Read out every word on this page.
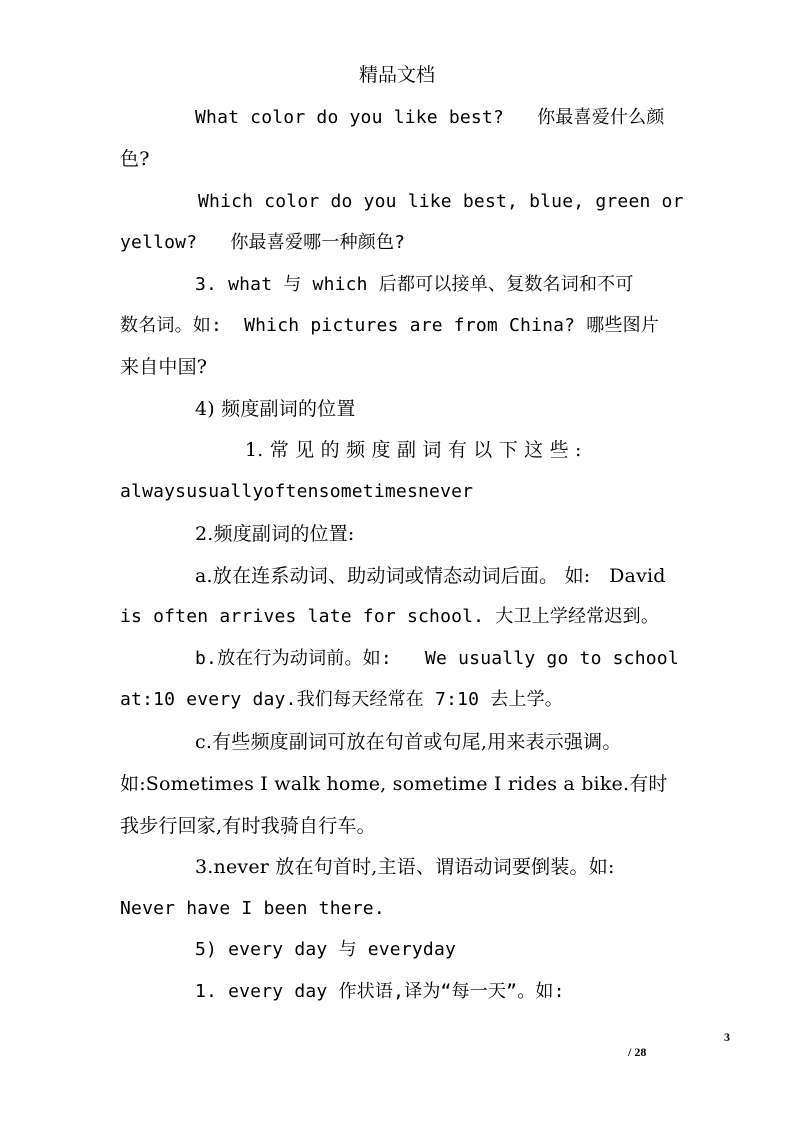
精品文档
What color do you like best?   你最喜爱什么颜
色?
Which color do you like best, blue, green or
yellow?   你最喜爱哪一种颜色?
3. what 与 which 后都可以接单、复数名词和不可
数名词。如:  Which pictures are from China? 哪些图片
来自中国?
4) 频度副词的位置
1. 常 见 的 频 度 副 词 有 以 下 这 些 :
alwaysusuallyoftensometimesnever
2.频度副词的位置:
a.放在连系动词、助动词或情态动词后面。 如:   David
is often arrives late for school. 大卫上学经常迟到。
b.放在行为动词前。如:   We usually go to school
at:10 every day.我们每天经常在 7:10 去上学。
c.有些频度副词可放在句首或句尾,用来表示强调。
如:Sometimes I walk home, sometime I rides a bike.有时
我步行回家,有时我骑自行车。
3.never 放在句首时,主语、谓语动词要倒装。如:
Never have I been there.
5) every day 与 everyday
1. every day 作状语,译为“每一天”。如:
3
/ 28
